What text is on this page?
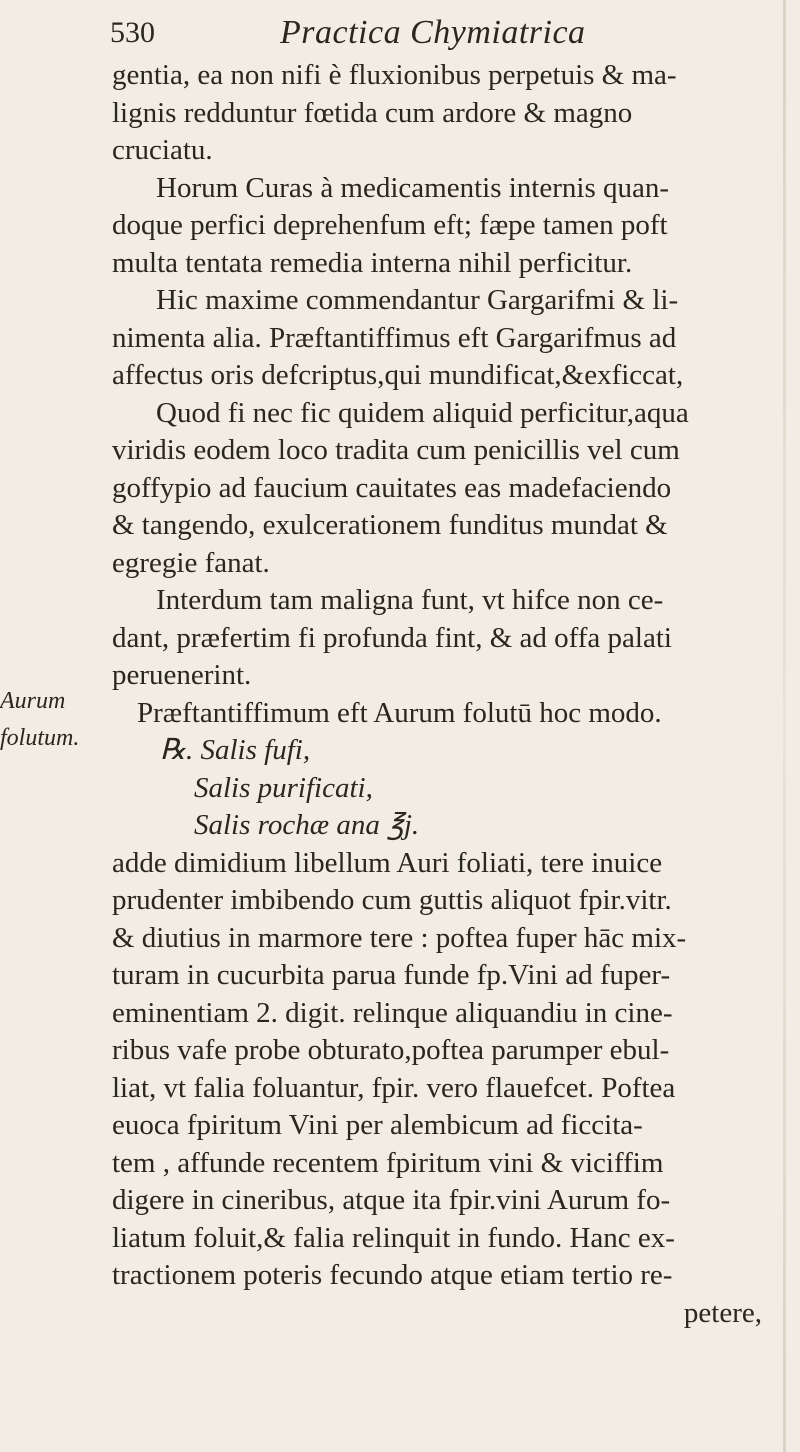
530	Practica Chymiatrica
Aurum
folutum.
gentia, ea non nifi è fluxionibus perpetuis & ma-
lignis redduntur fœtida cum ardore & magno
cruciatu.
Horum Curas à medicamentis internis quan-
doque perfici deprehenfum eft; fæpe tamen poft
multa tentata remedia interna nihil perficitur.
Hic maxime commendantur Gargarifmi & li-
nimenta alia. Præftantiffimus eft Gargarifmus ad
affectus oris defcriptus,qui mundificat,&exficcat,
Quod fi nec fic quidem aliquid perficitur,aqua
viridis eodem loco tradita cum penicillis vel cum
goffypio ad faucium cauitates eas madefaciendo
& tangendo, exulcerationem funditus mundat &
egregie fanat.
Interdum tam maligna funt, vt hifce non ce-
dant, præfertim fi profunda fint, & ad offa palati
peruenerint.
Præftantiffimum eft Aurum folutū hoc modo.
℞. Salis fufi,
Salis purificati,
Salis rochæ ana ℥j.
adde dimidium libellum Auri foliati, tere inuice
prudenter imbibendo cum guttis aliquot fpir.vitr.
& diutius in marmore tere : poftea fuper hāc mix-
turam in cucurbita parua funde fp.Vini ad fuper-
eminentiam 2. digit. relinque aliquandiu in cine-
ribus vafe probe obturato,poftea parumper ebul-
liat, vt falia foluantur, fpir. vero flauefcet. Poftea
euoca fpiritum Vini per alembicum ad ficcita-
tem , affunde recentem fpiritum vini & viciffim
digere in cineribus, atque ita fpir.vini Aurum fo-
liatum foluit,& falia relinquit in fundo. Hanc ex-
tractionem poteris fecundo atque etiam tertio re-
petere,
